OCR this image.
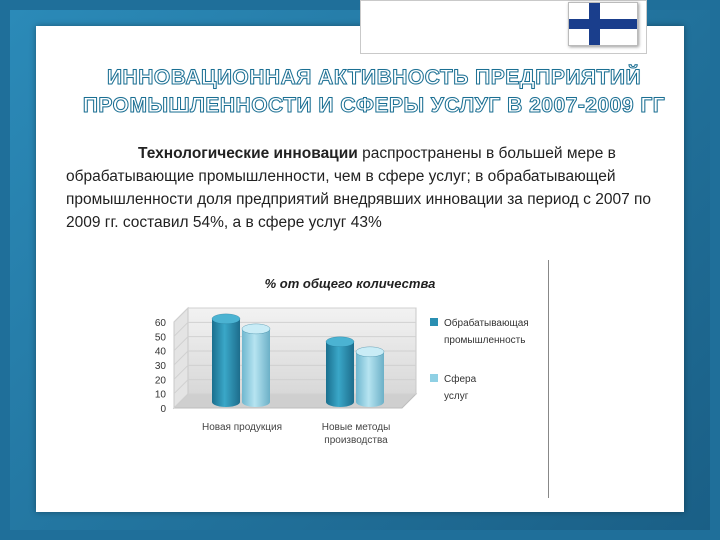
ИННОВАЦИОННАЯ АКТИВНОСТЬ ПРЕДПРИЯТИЙ
ПРОМЫШЛЕННОСТИ И СФЕРЫ УСЛУГ В 2007-2009 ГГ
Технологические инновации распространены в большей мере в обрабатывающие промышленности, чем в сфере услуг; в обрабатывающей промышленности доля предприятий внедрявших инновации за период с 2007 по 2009 гг. составил 54%, а в сфере услуг 43%
% от общего количества
0
10
20
30
40
50
60
Новая продукция	Новые методы производства
Обрабатывающая промышленность
Сфера услуг
